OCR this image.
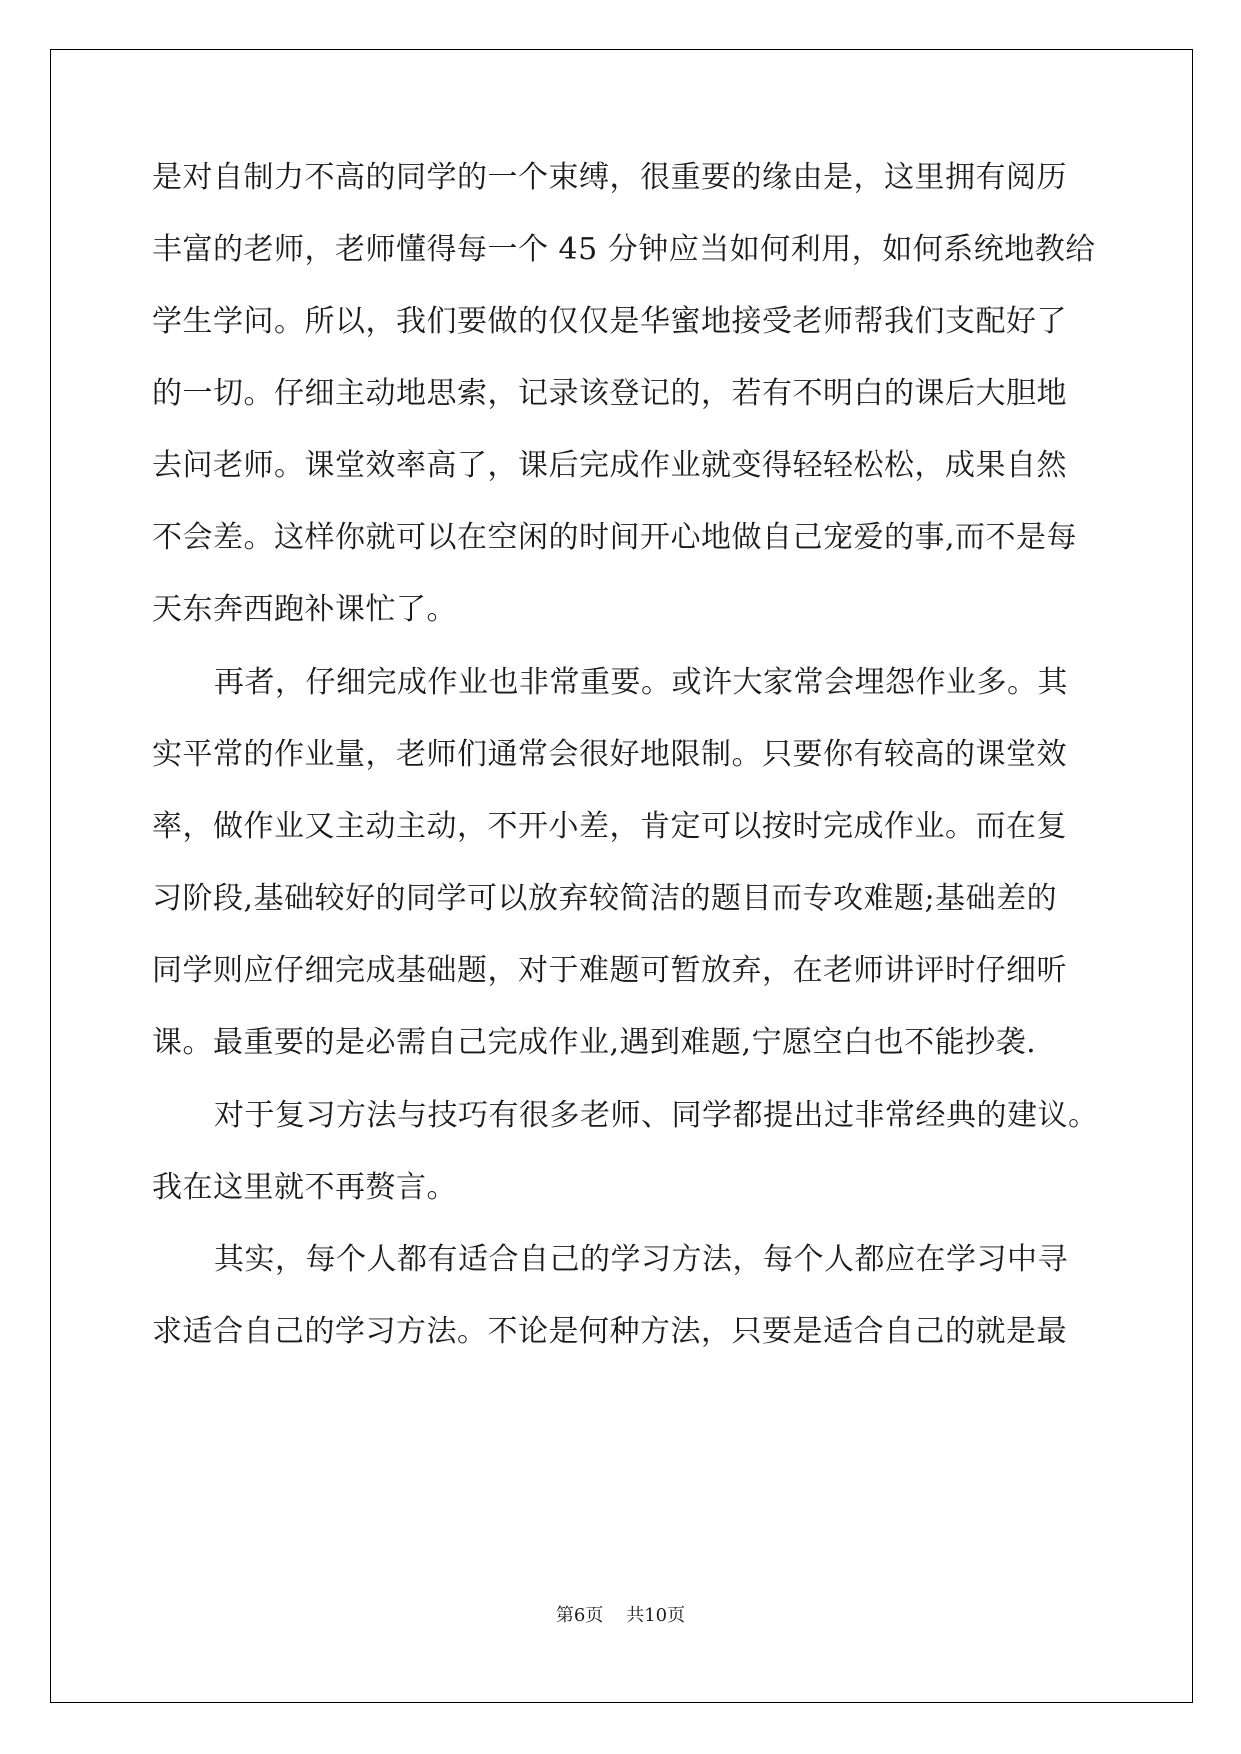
是对自制力不高的同学的一个束缚，很重要的缘由是，这里拥有阅历
丰富的老师，老师懂得每一个 45 分钟应当如何利用，如何系统地教给
学生学问。所以，我们要做的仅仅是华蜜地接受老师帮我们支配好了
的一切。仔细主动地思索，记录该登记的，若有不明白的课后大胆地
去问老师。课堂效率高了，课后完成作业就变得轻轻松松，成果自然
不会差。这样你就可以在空闲的时间开心地做自己宠爱的事,而不是每
天东奔西跑补课忙了。
再者，仔细完成作业也非常重要。或许大家常会埋怨作业多。其
实平常的作业量，老师们通常会很好地限制。只要你有较高的课堂效
率，做作业又主动主动，不开小差，肯定可以按时完成作业。而在复
习阶段,基础较好的同学可以放弃较简洁的题目而专攻难题;基础差的
同学则应仔细完成基础题，对于难题可暂放弃，在老师讲评时仔细听
课。最重要的是必需自己完成作业,遇到难题,宁愿空白也不能抄袭.
对于复习方法与技巧有很多老师、同学都提出过非常经典的建议。
我在这里就不再赘言。
其实，每个人都有适合自己的学习方法，每个人都应在学习中寻
求适合自己的学习方法。不论是何种方法，只要是适合自己的就是最
第6页 共10页
